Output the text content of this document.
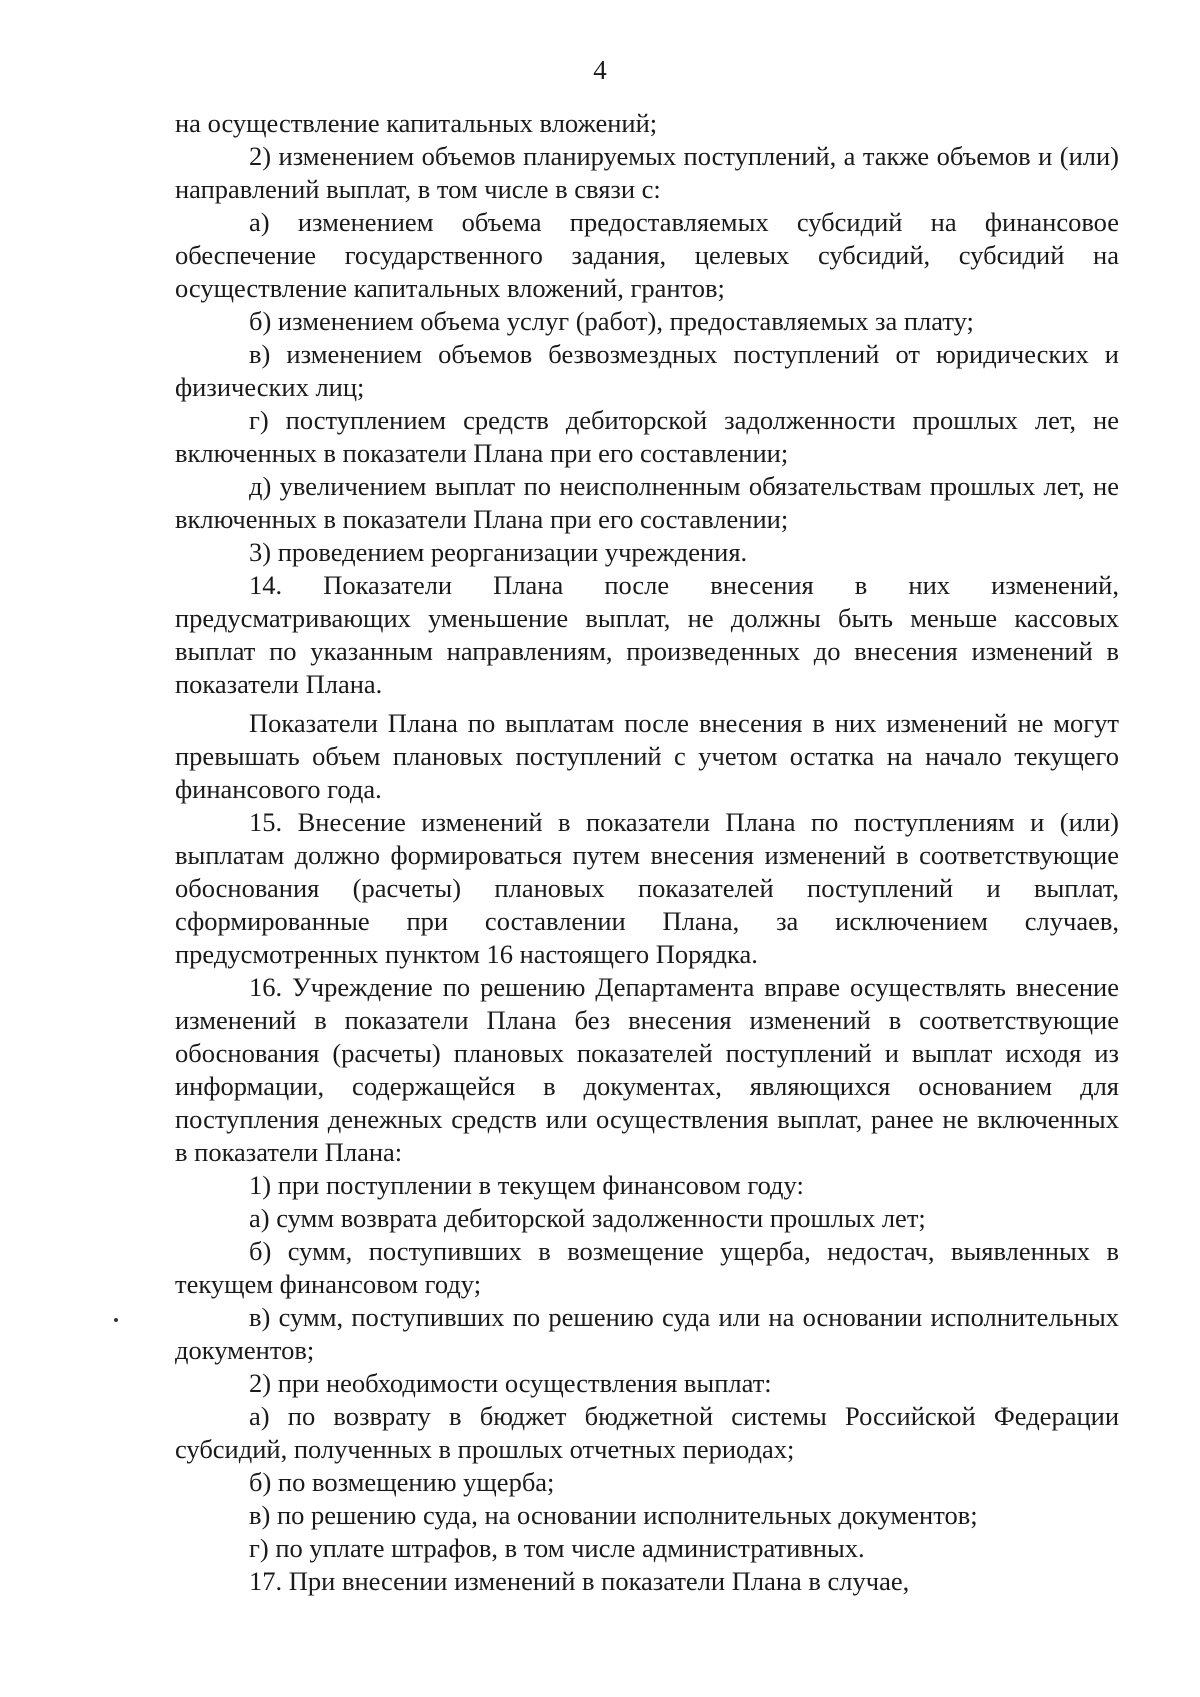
4

на осуществление капитальных вложений;

2) изменением объемов планируемых поступлений, а также объемов и (или) направлений выплат, в том числе в связи с:

а) изменением объема предоставляемых субсидий на финансовое обеспечение государственного задания, целевых субсидий, субсидий на осуществление капитальных вложений, грантов;

б) изменением объема услуг (работ), предоставляемых за плату;

в) изменением объемов безвозмездных поступлений от юридических и физических лиц;

г) поступлением средств дебиторской задолженности прошлых лет, не включенных в показатели Плана при его составлении;

д) увеличением выплат по неисполненным обязательствам прошлых лет, не включенных в показатели Плана при его составлении;

3) проведением реорганизации учреждения.

14. Показатели Плана после внесения в них изменений, предусматривающих уменьшение выплат, не должны быть меньше кассовых выплат по указанным направлениям, произведенных до внесения изменений в показатели Плана.

Показатели Плана по выплатам после внесения в них изменений не могут превышать объем плановых поступлений с учетом остатка на начало текущего финансового года.

15. Внесение изменений в показатели Плана по поступлениям и (или) выплатам должно формироваться путем внесения изменений в соответствующие обоснования (расчеты) плановых показателей поступлений и выплат, сформированные при составлении Плана, за исключением случаев, предусмотренных пунктом 16 настоящего Порядка.

16. Учреждение по решению Департамента вправе осуществлять внесение изменений в показатели Плана без внесения изменений в соответствующие обоснования (расчеты) плановых показателей поступлений и выплат исходя из информации, содержащейся в документах, являющихся основанием для поступления денежных средств или осуществления выплат, ранее не включенных в показатели Плана:

1) при поступлении в текущем финансовом году:

а) сумм возврата дебиторской задолженности прошлых лет;

б) сумм, поступивших в возмещение ущерба, недостач, выявленных в текущем финансовом году;

в) сумм, поступивших по решению суда или на основании исполнительных документов;

2) при необходимости осуществления выплат:

а) по возврату в бюджет бюджетной системы Российской Федерации субсидий, полученных в прошлых отчетных периодах;

б) по возмещению ущерба;

в) по решению суда, на основании исполнительных документов;

г) по уплате штрафов, в том числе административных.

17. При внесении изменений в показатели Плана в случае,
